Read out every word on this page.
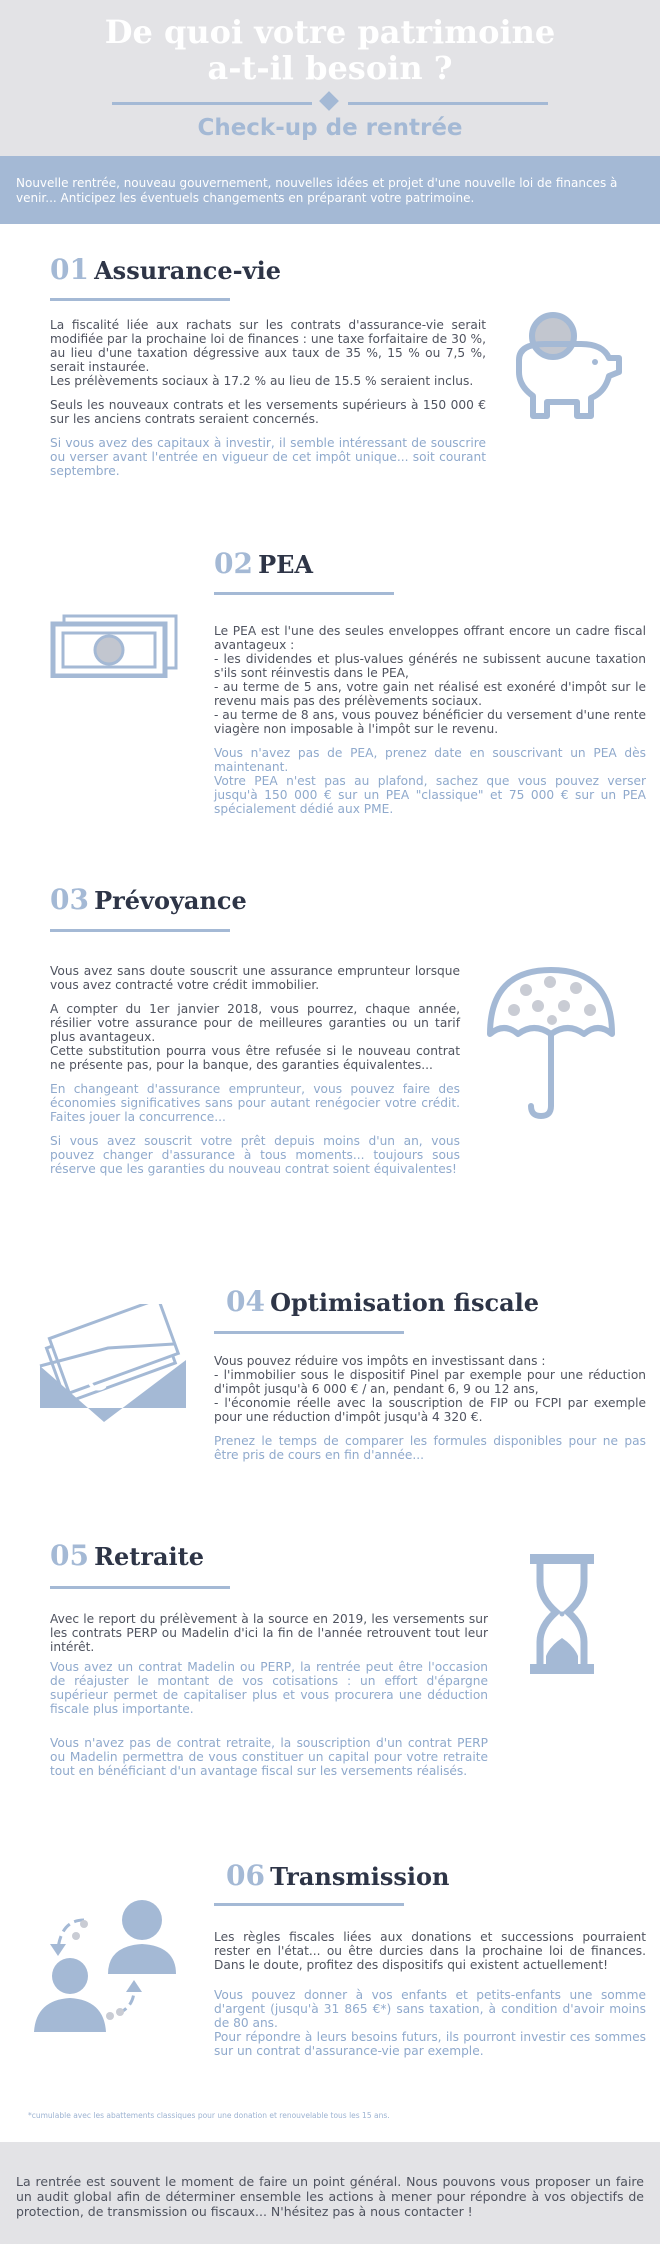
De quoi votre patrimoine
a-t-il besoin ?
Check-up de rentrée
Nouvelle rentrée, nouveau gouvernement, nouvelles idées et projet d'une nouvelle loi de finances à venir... Anticipez les éventuels changements en préparant votre patrimoine.
01 Assurance-vie

La fiscalité liée aux rachats sur les contrats d'assurance-vie serait modifiée par la prochaine loi de finances : une taxe forfaitaire de 30 %, au lieu d'une taxation dégressive aux taux de 35 %, 15 % ou 7,5 %, serait instaurée.
Les prélèvements sociaux à 17.2 % au lieu de 15.5 % seraient inclus.

Seuls les nouveaux contrats et les versements supérieurs à 150 000 € sur les anciens contrats seraient concernés.

Si vous avez des capitaux à investir, il semble intéressant de souscrire ou verser avant l'entrée en vigueur de cet impôt unique... soit courant septembre.

02 PEA

Le PEA est l'une des seules enveloppes offrant encore un cadre fiscal avantageux :
- les dividendes et plus-values générés ne subissent aucune taxation s'ils sont réinvestis dans le PEA,
- au terme de 5 ans, votre gain net réalisé est exonéré d'impôt sur le revenu mais pas des prélèvements sociaux.
- au terme de 8 ans, vous pouvez bénéficier du versement d'une rente viagère non imposable à l'impôt sur le revenu.

Vous n'avez pas de PEA, prenez date en souscrivant un PEA dès maintenant.
Votre PEA n'est pas au plafond, sachez que vous pouvez verser jusqu'à 150 000 € sur un PEA "classique" et 75 000 € sur un PEA spécialement dédié aux PME.

03 Prévoyance

Vous avez sans doute souscrit une assurance emprunteur lorsque vous avez contracté votre crédit immobilier.

A compter du 1er janvier 2018, vous pourrez, chaque année, résilier votre assurance pour de meilleures garanties ou un tarif plus avantageux.
Cette substitution pourra vous être refusée si le nouveau contrat ne présente pas, pour la banque, des garanties équivalentes...

En changeant d'assurance emprunteur, vous pouvez faire des économies significatives sans pour autant renégocier votre crédit. Faites jouer la concurrence...

Si vous avez souscrit votre prêt depuis moins d'un an, vous pouvez changer d'assurance à tous moments... toujours sous réserve que les garanties du nouveau contrat soient équivalentes!

04 Optimisation fiscale

Vous pouvez réduire vos impôts en investissant dans :
- l'immobilier sous le dispositif Pinel par exemple pour une réduction d'impôt jusqu'à 6 000 € / an, pendant 6, 9 ou 12 ans,
- l'économie réelle avec la souscription de FIP ou FCPI par exemple pour une réduction d'impôt jusqu'à 4 320 €.

Prenez le temps de comparer les formules disponibles pour ne pas être pris de cours en fin d'année...

€
05 Retraite

Avec le report du prélèvement à la source en 2019, les versements sur les contrats PERP ou Madelin d'ici la fin de l'année retrouvent tout leur intérêt.

Vous avez un contrat Madelin ou PERP, la rentrée peut être l'occasion de réajuster le montant de vos cotisations : un effort d'épargne supérieur permet de capitaliser plus et vous procurera une déduction fiscale plus importante.

Vous n'avez pas de contrat retraite, la souscription d'un contrat PERP ou Madelin permettra de vous constituer un capital pour votre retraite tout en bénéficiant d'un avantage fiscal sur les versements réalisés.

06 Transmission

Les règles fiscales liées aux donations et successions pourraient rester en l'état... ou être durcies dans la prochaine loi de finances. Dans le doute, profitez des dispositifs qui existent actuellement!

Vous pouvez donner à vos enfants et petits-enfants une somme d'argent (jusqu'à 31 865 €*) sans taxation, à condition d'avoir moins de 80 ans.
Pour répondre à leurs besoins futurs, ils pourront investir ces sommes sur un contrat d'assurance-vie par exemple.

*cumulable avec les abattements classiques pour une donation et renouvelable tous les 15 ans.
La rentrée est souvent le moment de faire un point général. Nous pouvons vous proposer un faire un audit global afin de déterminer ensemble les actions à mener pour répondre à vos objectifs de protection, de transmission ou fiscaux... N'hésitez pas à nous contacter !
